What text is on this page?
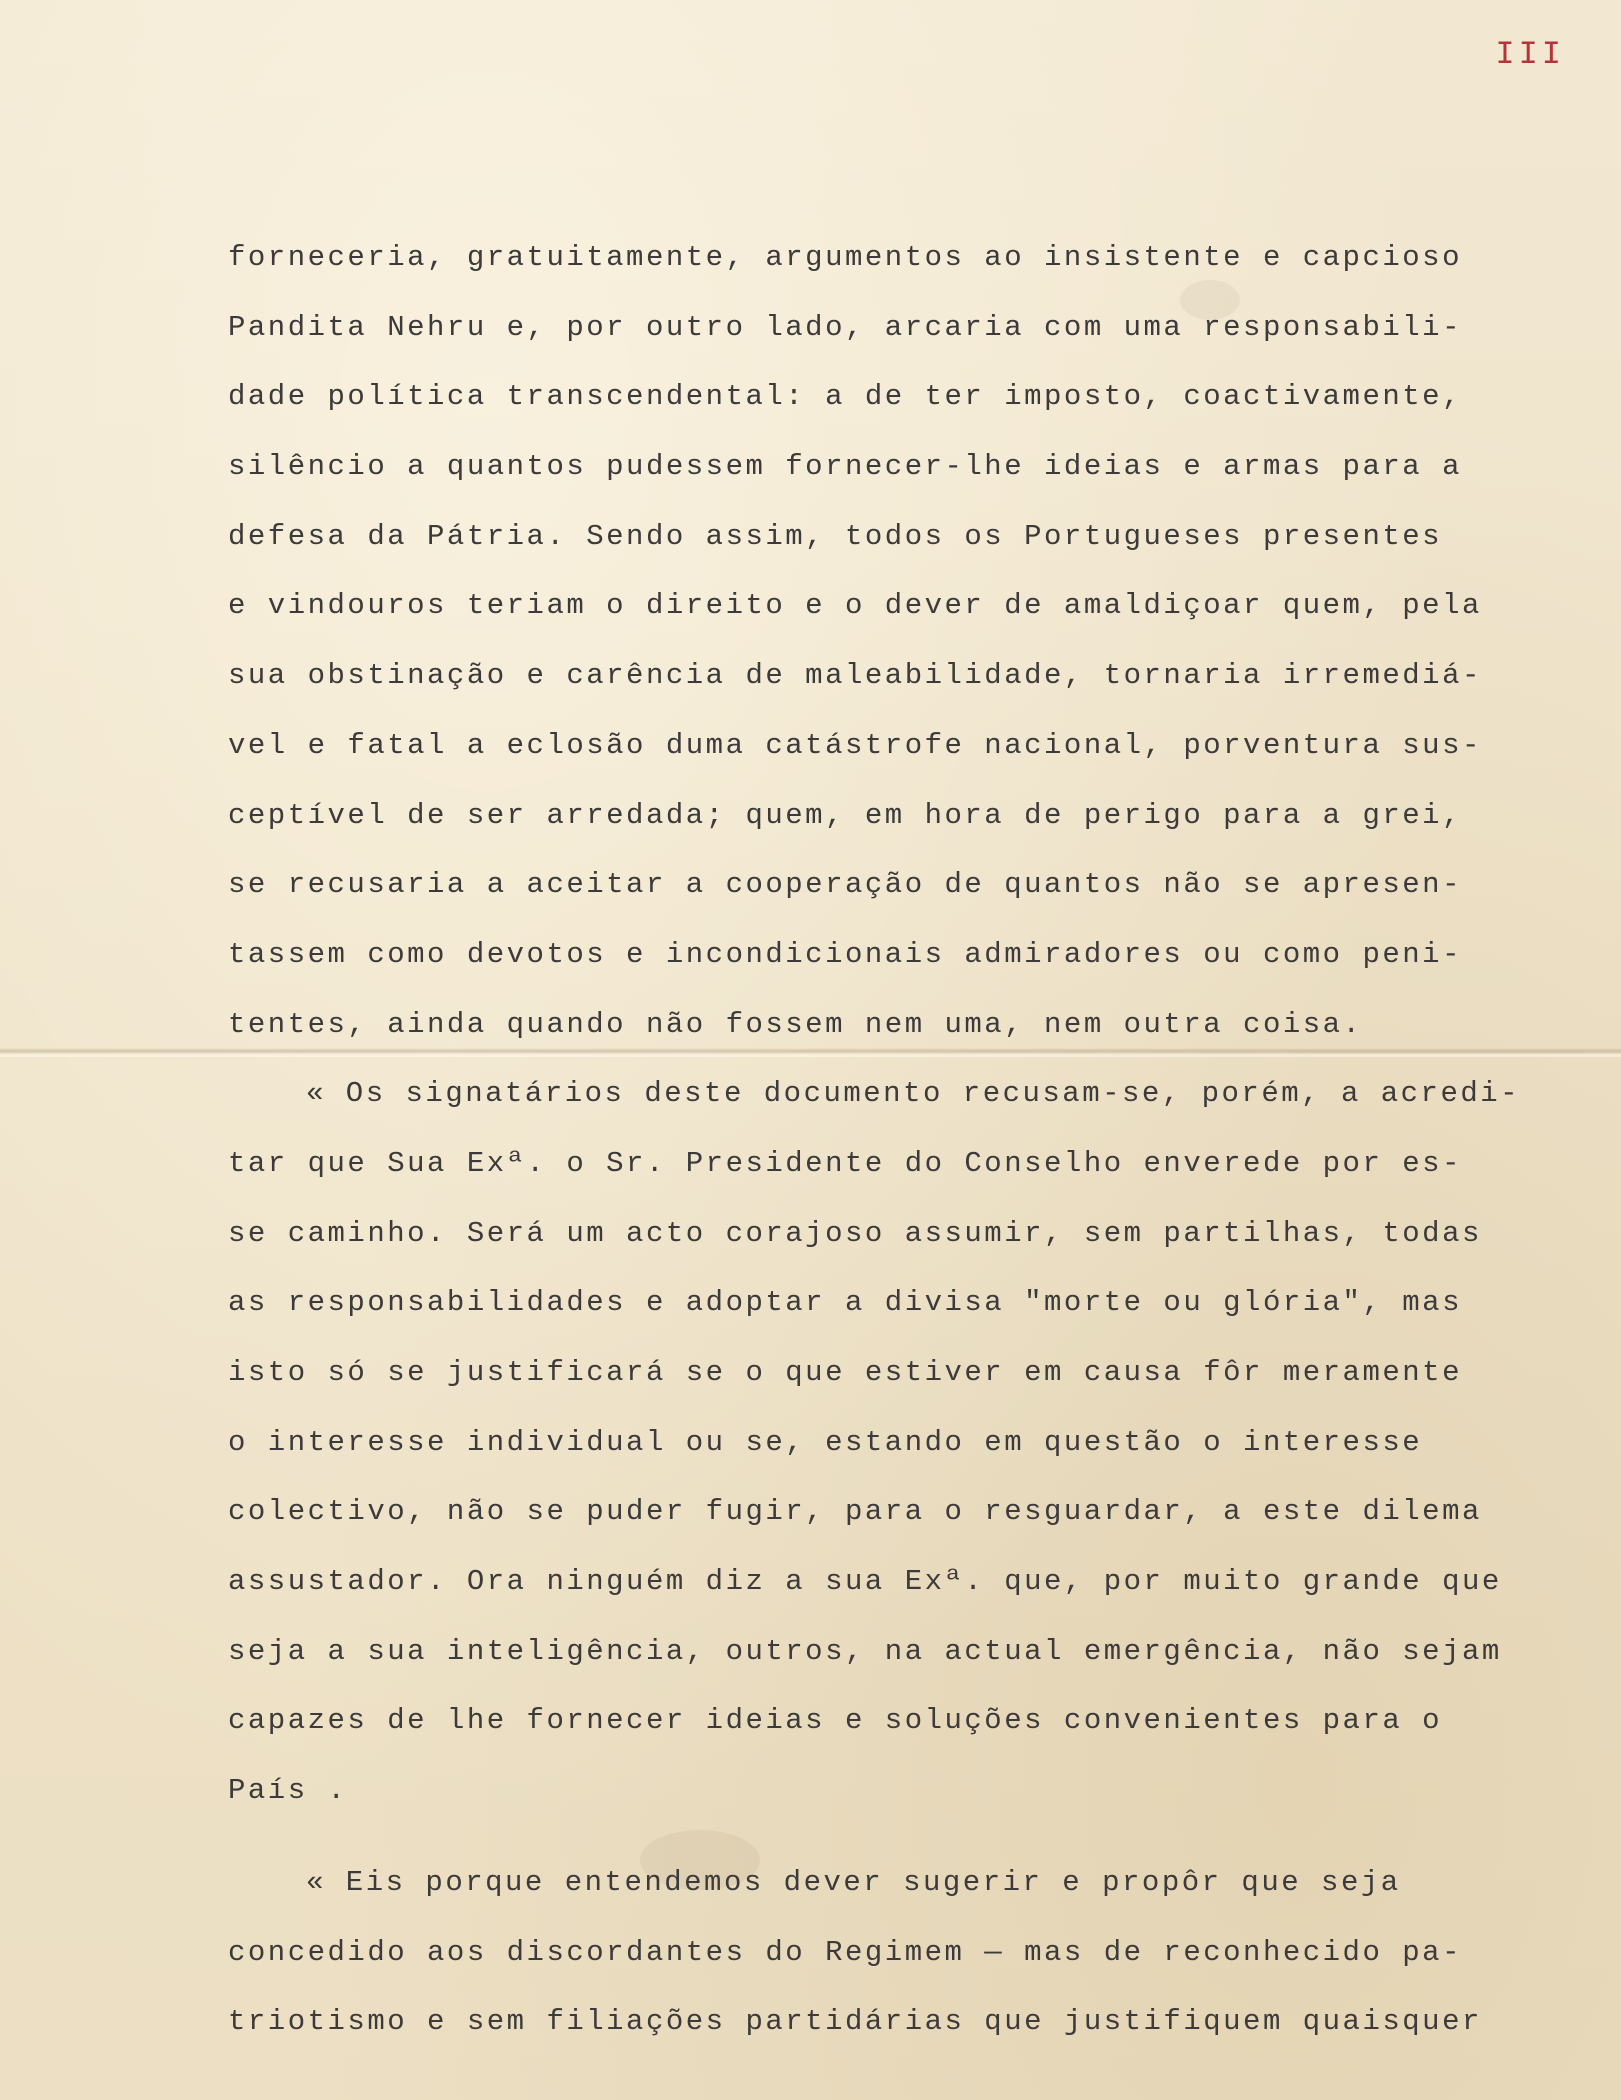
III
forneceria, gratuitamente, argumentos ao insistente e capcioso
Pandita Nehru e, por outro lado, arcaria com uma responsabili-
dade política transcendental: a de ter imposto, coactivamente,
silêncio a quantos pudessem fornecer-lhe ideias e armas para a
defesa da Pátria. Sendo assim, todos os Portugueses presentes
e vindouros teriam o direito e o dever de amaldiçoar quem, pela
sua obstinação e carência de maleabilidade, tornaria irremediá-
vel e fatal a eclosão duma catástrofe nacional, porventura sus-
ceptível de ser arredada; quem, em hora de perigo para a grei,
se recusaria a aceitar a cooperação de quantos não se apresen-
tassem como devotos e incondicionais admiradores ou como peni-
tentes, ainda quando não fossem nem uma, nem outra coisa.
« Os signatários deste documento recusam-se, porém, a acredi-
tar que Sua Exª. o Sr. Presidente do Conselho enverede por es-
se caminho. Será um acto corajoso assumir, sem partilhas, todas
as responsabilidades e adoptar a divisa "morte ou glória", mas
isto só se justificará se o que estiver em causa fôr meramente
o interesse individual ou se, estando em questão o interesse
colectivo, não se puder fugir, para o resguardar, a este dilema
assustador. Ora ninguém diz a sua Exª. que, por muito grande que
seja a sua inteligência, outros, na actual emergência, não sejam
capazes de lhe fornecer ideias e soluções convenientes para o
País .
« Eis porque entendemos dever sugerir e propôr que seja
concedido aos discordantes do Regimem — mas de reconhecido pa-
triotismo e sem filiações partidárias que justifiquem quaisquer
